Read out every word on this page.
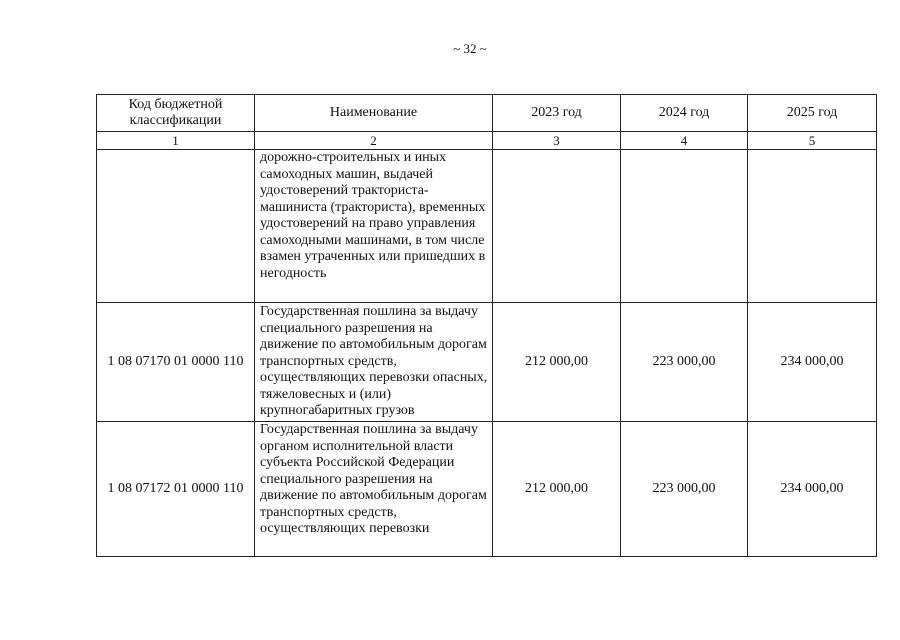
~ 32 ~
Код бюджетной классификации	Наименование	2023 год	2024 год	2025 год
1	2	3	4	5
	дорожно-строительных и иных самоходных машин, выдачей удостоверений тракториста-машиниста (тракториста), временных удостоверений на право управления самоходными машинами, в том числе взамен утраченных или пришедших в негодность			
1 08 07170 01 0000 110	Государственная пошлина за выдачу специального разрешения на движение по автомобильным дорогам транспортных средств, осуществляющих перевозки опасных, тяжеловесных и (или) крупногабаритных грузов	212 000,00	223 000,00	234 000,00
1 08 07172 01 0000 110	Государственная пошлина за выдачу органом исполнительной власти субъекта Российской Федерации специального разрешения на движение по автомобильным дорогам транспортных средств, осуществляющих перевозки	212 000,00	223 000,00	234 000,00
